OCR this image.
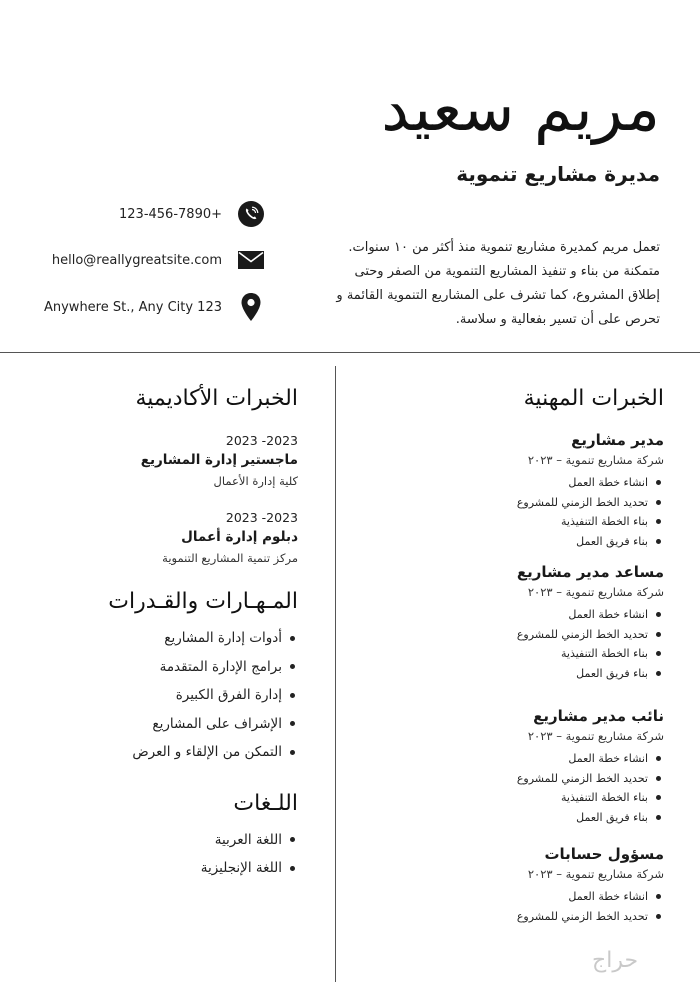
مريم سعيد
مديرة مشاريع تنموية
تعمل مريم كمديرة مشاريع تنموية منذ أكثر من ١٠ سنوات. متمكنة من بناء و تنفيذ المشاريع التنموية من الصفر وحتى إطلاق المشروع، كما تشرف على المشاريع التنموية القائمة و تحرص على أن تسير بفعالية و سلاسة.
123-456-7890+
hello@reallygreatsite.com
Anywhere St., Any City 123
الخبرات المهنية
مدير مشاريع
شركة مشاريع تنموية – ٢٠٢٣
انشاء خطة العمل
تحديد الخط الزمني للمشروع
بناء الخطة التنفيذية
بناء فريق العمل
مساعد مدير مشاريع
شركة مشاريع تنموية – ٢٠٢٣
انشاء خطة العمل
تحديد الخط الزمني للمشروع
بناء الخطة التنفيذية
بناء فريق العمل
نائب مدير مشاريع
شركة مشاريع تنموية – ٢٠٢٣
انشاء خطة العمل
تحديد الخط الزمني للمشروع
بناء الخطة التنفيذية
بناء فريق العمل
مسؤول حسابات
شركة مشاريع تنموية – ٢٠٢٣
انشاء خطة العمل
تحديد الخط الزمني للمشروع
الخبرات الأكاديمية
2023 -2023
ماجستير إدارة المشاريع
كلية إدارة الأعمال
2023 -2023
دبلوم إدارة أعمال
مركز تنمية المشاريع التنموية
المـهـارات والقـدرات
أدوات إدارة المشاريع
برامج الإدارة المتقدمة
إدارة الفرق الكبيرة
الإشراف على المشاريع
التمكن من الإلقاء و العرض
اللـغات
اللغة العربية
اللغة الإنجليزية
حراج
